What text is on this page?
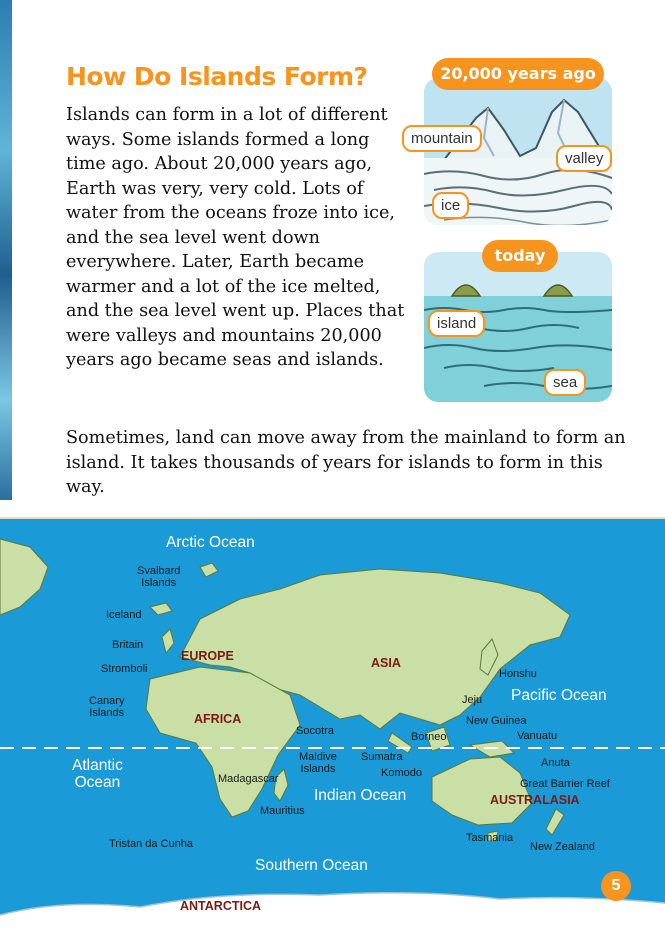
How Do Islands Form?

Islands can form in a lot of different ways. Some islands formed a long time ago. About 20,000 years ago, Earth was very, very cold. Lots of water from the oceans froze into ice, and the sea level went down everywhere. Later, Earth became warmer and a lot of the ice melted, and the sea level went up. Places that were valleys and mountains 20,000 years ago became seas and islands.

Sometimes, land can move away from the mainland to form an island. It takes thousands of years for islands to form in this way.

20,000 years ago
mountain
valley
ice
today
island
sea
Arctic Ocean
Pacific Ocean
Atlantic
Ocean
Indian Ocean
Southern Ocean
EUROPE	ASIA
AFRICA
AUSTRALASIA
ANTARCTICA
Svalbard
Islands
Iceland
Britain
Stromboli
Canary
Islands
Socotra
Maldive
Islands
Madagascar
Mauritius
Tristan da Cunha
Honshu
Jeju
New Guinea
Vanuatu
Borneo
Sumatra
Komodo
Anuta
Great Barrier Reef
Tasmania
New Zealand
5
